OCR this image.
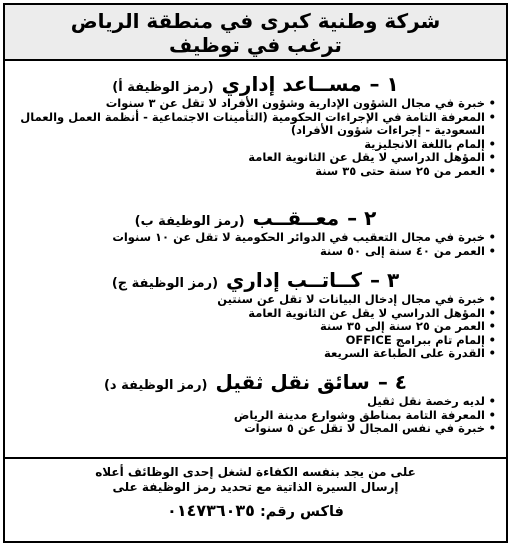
شركة وطنية كبرى في منطقة الرياض
ترغب في توظيف
١ –
مســاعد إداري
(رمز الوظيفة أ)
• خبرة في مجال الشؤون الإدارية وشؤون الأفراد لا تقل عن ٣ سنوات
• المعرفة التامة في الإجراءات الحكومية (التأمينات الاجتماعية - أنظمة العمل والعمال السعودية - إجراءات شؤون الأفراد)
• إلمام باللغة الانجليزية
• المؤهل الدراسي لا يقل عن الثانوية العامة
• العمر من ٢٥ سنة حتى ٣٥ سنة
٢ –
معــقــب
(رمز الوظيفة ب)
• خبرة في مجال التعقيب في الدوائر الحكومية لا تقل عن ١٠ سنوات
• العمر من ٤٠ سنة إلى ٥٠ سنة
٣ –
كــاتــب إداري
(رمز الوظيفة ج)
• خبرة في مجال إدخال البيانات لا تقل عن سنتين
• المؤهل الدراسي لا يقل عن الثانوية العامة
• العمر من ٢٥ سنة إلى ٣٥ سنة
• إلمام تام ببرامج OFFICE
• القدرة على الطباعة السريعة
٤ –
سائق نقل ثقيل
(رمز الوظيفة د)
• لديه رخصة نقل ثقيل
• المعرفة التامة بمناطق وشوارع مدينة الرياض
• خبرة في نفس المجال لا تقل عن ٥ سنوات
على من يجد بنفسه الكفاءة لشغل إحدى الوظائف أعلاه
إرسال السيرة الذاتية مع تحديد رمز الوظيفة على
فاكس رقم: ٠١٤٧٣٦٠٣٥
